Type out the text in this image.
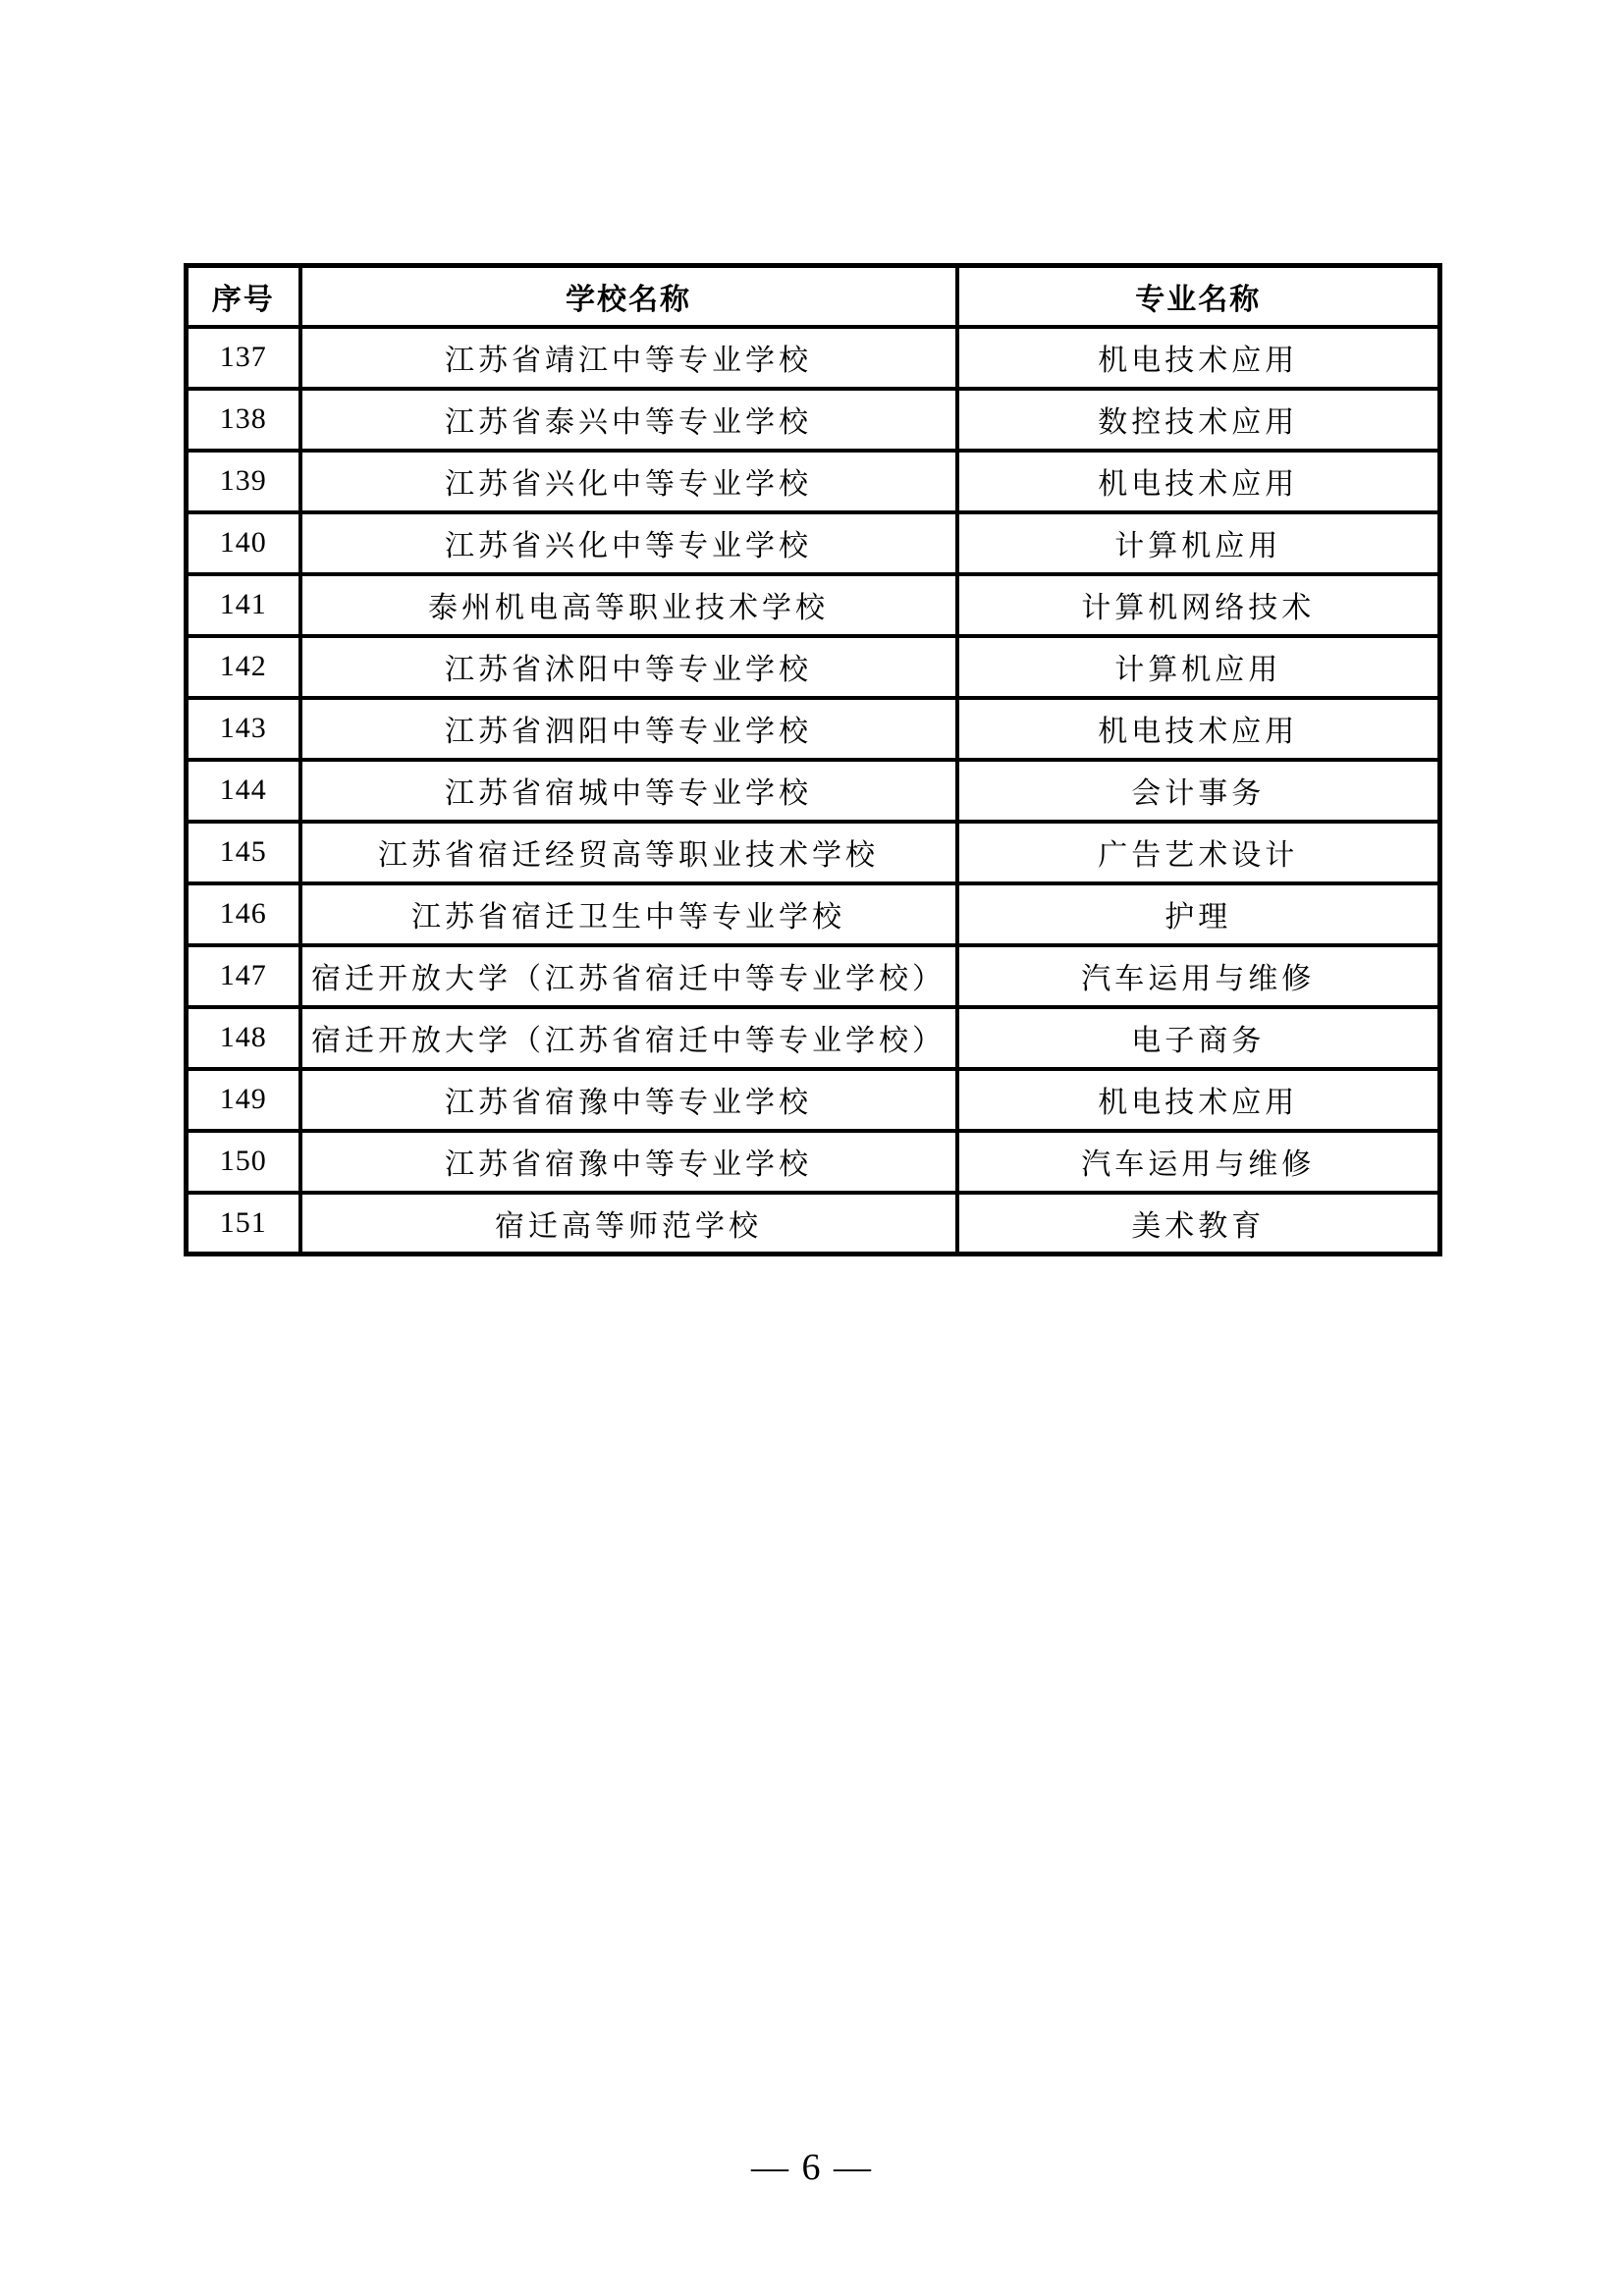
序号	学校名称	专业名称
137	江苏省靖江中等专业学校	机电技术应用
138	江苏省泰兴中等专业学校	数控技术应用
139	江苏省兴化中等专业学校	机电技术应用
140	江苏省兴化中等专业学校	计算机应用
141	泰州机电高等职业技术学校	计算机网络技术
142	江苏省沭阳中等专业学校	计算机应用
143	江苏省泗阳中等专业学校	机电技术应用
144	江苏省宿城中等专业学校	会计事务
145	江苏省宿迁经贸高等职业技术学校	广告艺术设计
146	江苏省宿迁卫生中等专业学校	护理
147	宿迁开放大学（江苏省宿迁中等专业学校）	汽车运用与维修
148	宿迁开放大学（江苏省宿迁中等专业学校）	电子商务
149	江苏省宿豫中等专业学校	机电技术应用
150	江苏省宿豫中等专业学校	汽车运用与维修
151	宿迁高等师范学校	美术教育
— 6 —
